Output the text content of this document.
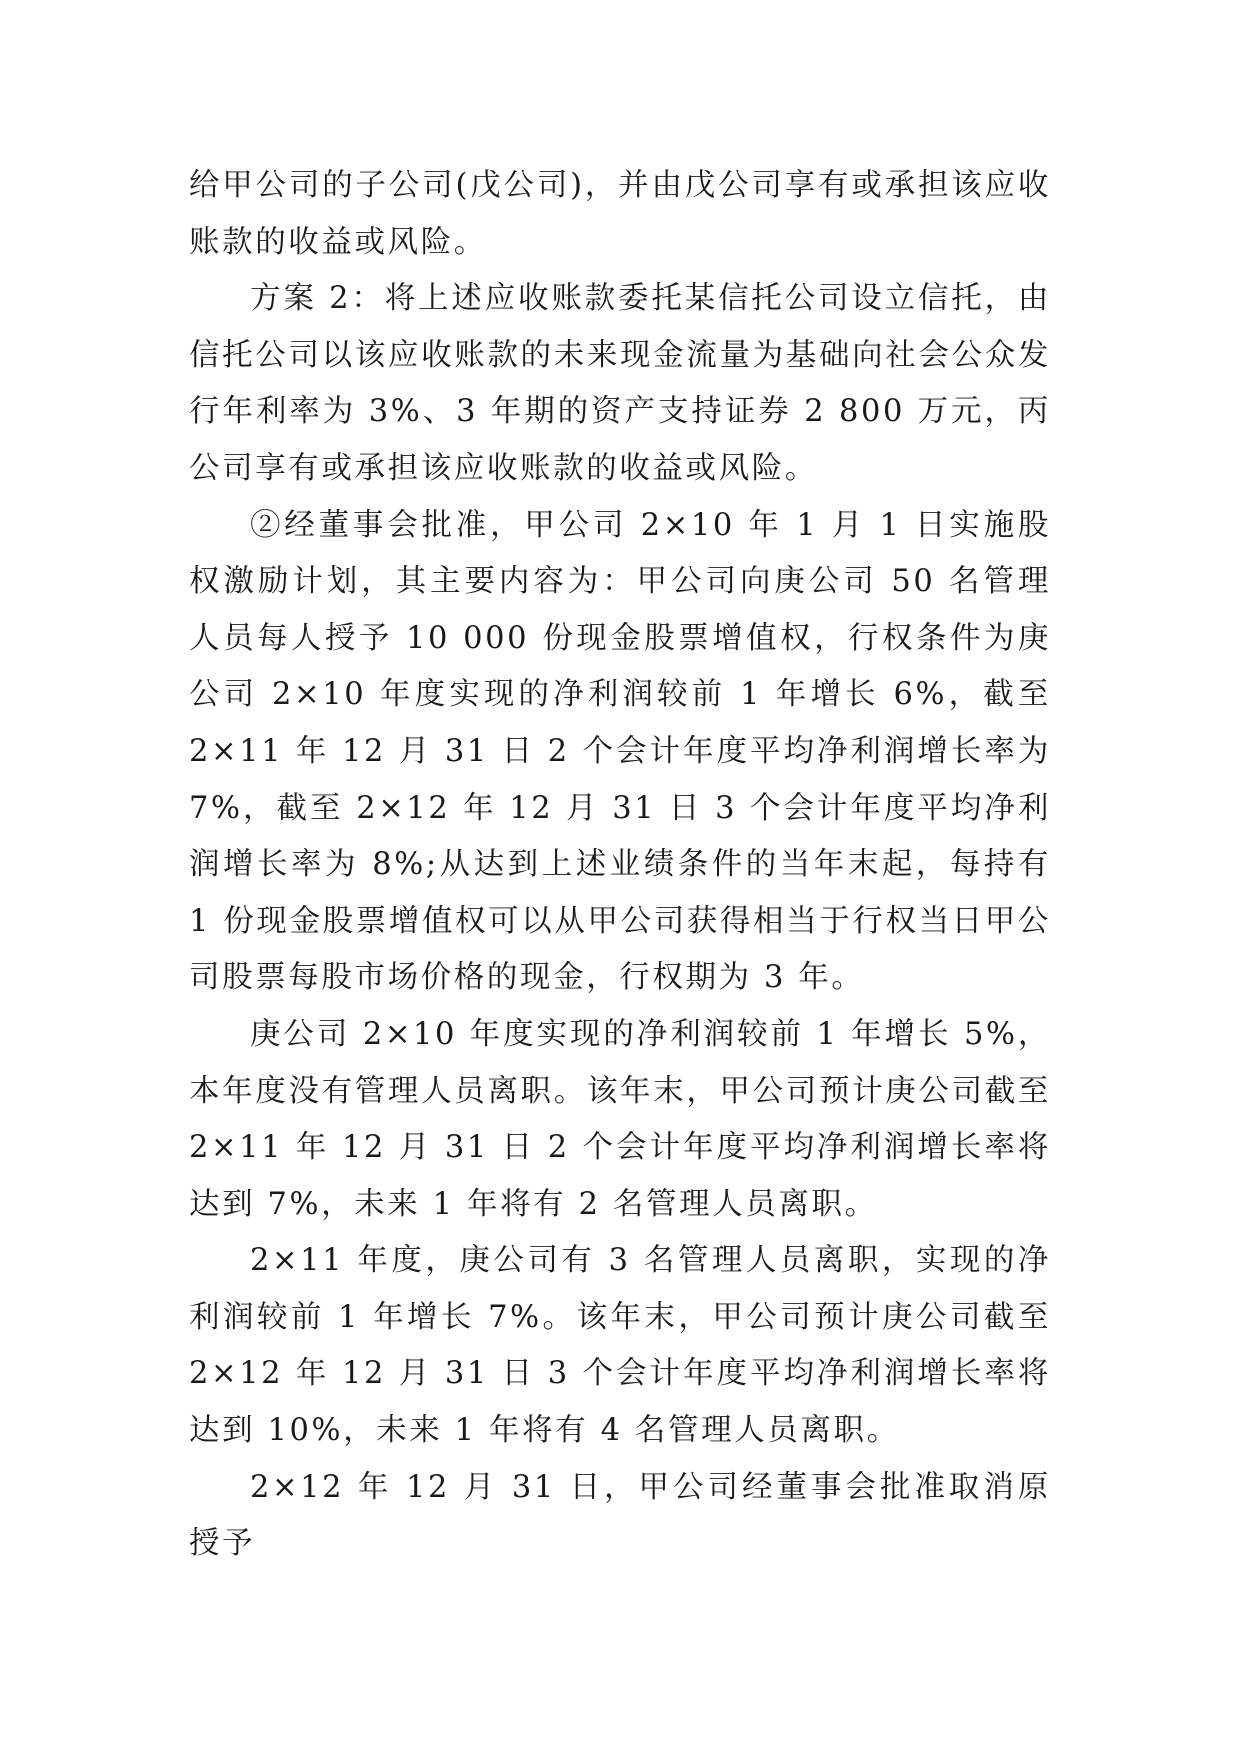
给甲公司的子公司(戊公司)，并由戊公司享有或承担该应收账款的收益或风险。

方案 2：将上述应收账款委托某信托公司设立信托，由信托公司以该应收账款的未来现金流量为基础向社会公众发行年利率为 3%、3 年期的资产支持证券 2 800 万元，丙公司享有或承担该应收账款的收益或风险。

②经董事会批准，甲公司 2×10 年 1 月 1 日实施股权激励计划，其主要内容为：甲公司向庚公司 50 名管理人员每人授予 10 000 份现金股票增值权，行权条件为庚公司 2×10 年度实现的净利润较前 1 年增长 6%，截至 2×11 年 12 月 31 日 2 个会计年度平均净利润增长率为 7%，截至 2×12 年 12 月 31 日 3 个会计年度平均净利润增长率为 8%;从达到上述业绩条件的当年末起，每持有 1 份现金股票增值权可以从甲公司获得相当于行权当日甲公司股票每股市场价格的现金，行权期为 3 年。

庚公司 2×10 年度实现的净利润较前 1 年增长 5%，本年度没有管理人员离职。该年末，甲公司预计庚公司截至 2×11 年 12 月 31 日 2 个会计年度平均净利润增长率将达到 7%，未来 1 年将有 2 名管理人员离职。

2×11 年度，庚公司有 3 名管理人员离职，实现的净利润较前 1 年增长 7%。该年末，甲公司预计庚公司截至 2×12 年 12 月 31 日 3 个会计年度平均净利润增长率将达到 10%，未来 1 年将有 4 名管理人员离职。

2×12 年 12 月 31 日，甲公司经董事会批准取消原授予
